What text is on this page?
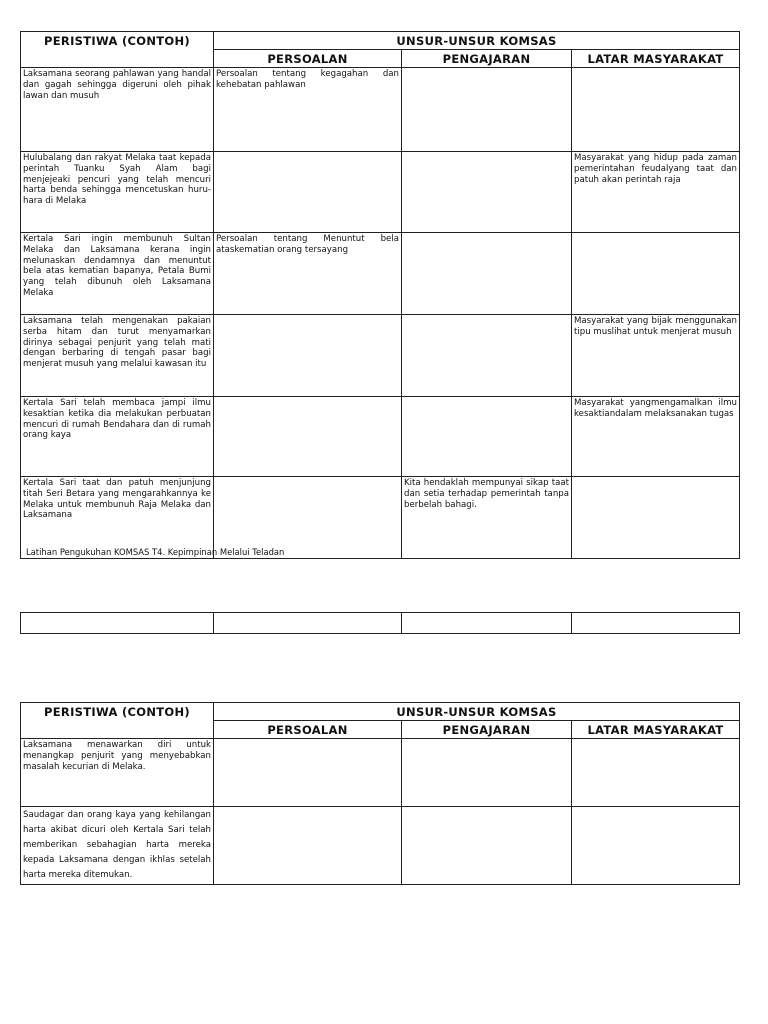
PERISTIWA (CONTOH)	UNSUR-UNSUR KOMSAS		
	PERSOALAN	PENGAJARAN	LATAR MASYARAKAT
Laksamana seorang pahlawan yang handal dan gagah sehingga digeruni oleh pihak lawan dan musuh	Persoalan tentang kegagahan dan kehebatan pahlawan		
Hulubalang dan rakyat Melaka taat kepada perintah Tuanku Syah Alam bagi menjejeaki pencuri yang telah mencuri harta benda sehingga mencetuskan huru-hara di Melaka			Masyarakat yang hidup pada zaman pemerintahan feudalyang taat dan patuh akan perintah raja
Kertala Sari ingin membunuh Sultan Melaka dan Laksamana kerana ingin melunaskan dendamnya dan menuntut bela atas kematian bapanya, Petala Bumi yang telah dibunuh oleh Laksamana Melaka	Persoalan tentang Menuntut bela ataskematian orang tersayang		
Laksamana telah mengenakan pakaian serba hitam dan turut menyamarkan dirinya sebagai penjurit yang telah mati dengan berbaring di tengah pasar bagi menjerat musuh yang melalui kawasan itu			Masyarakat yang bijak menggunakan tipu muslihat untuk menjerat musuh
Kertala Sari telah membaca jampi ilmu kesaktian ketika dia melakukan perbuatan mencuri di rumah Bendahara dan di rumah orang kaya			Masyarakat yangmengamalkan ilmu kesaktiandalam melaksanakan tugas
Kertala Sari taat dan patuh menjunjung titah Seri Betara yang mengarahkannya ke Melaka untuk membunuh Raja Melaka dan Laksamana		Kita hendaklah mempunyai sikap taat dan setia terhadap pemerintah tanpa berbelah bahagi.	
Latihan Pengukuhan KOMSAS T4. Kepimpinan Melalui Teladan

PERISTIWA (CONTOH)	UNSUR-UNSUR KOMSAS		
	PERSOALAN	PENGAJARAN	LATAR MASYARAKAT
Laksamana menawarkan diri untuk menangkap penjurit yang menyebabkan masalah kecurian di Melaka.			
Saudagar dan orang kaya yang kehilangan harta akibat dicuri oleh Kertala Sari telah memberikan sebahagian harta mereka kepada Laksamana dengan ikhlas setelah harta mereka ditemukan.			
